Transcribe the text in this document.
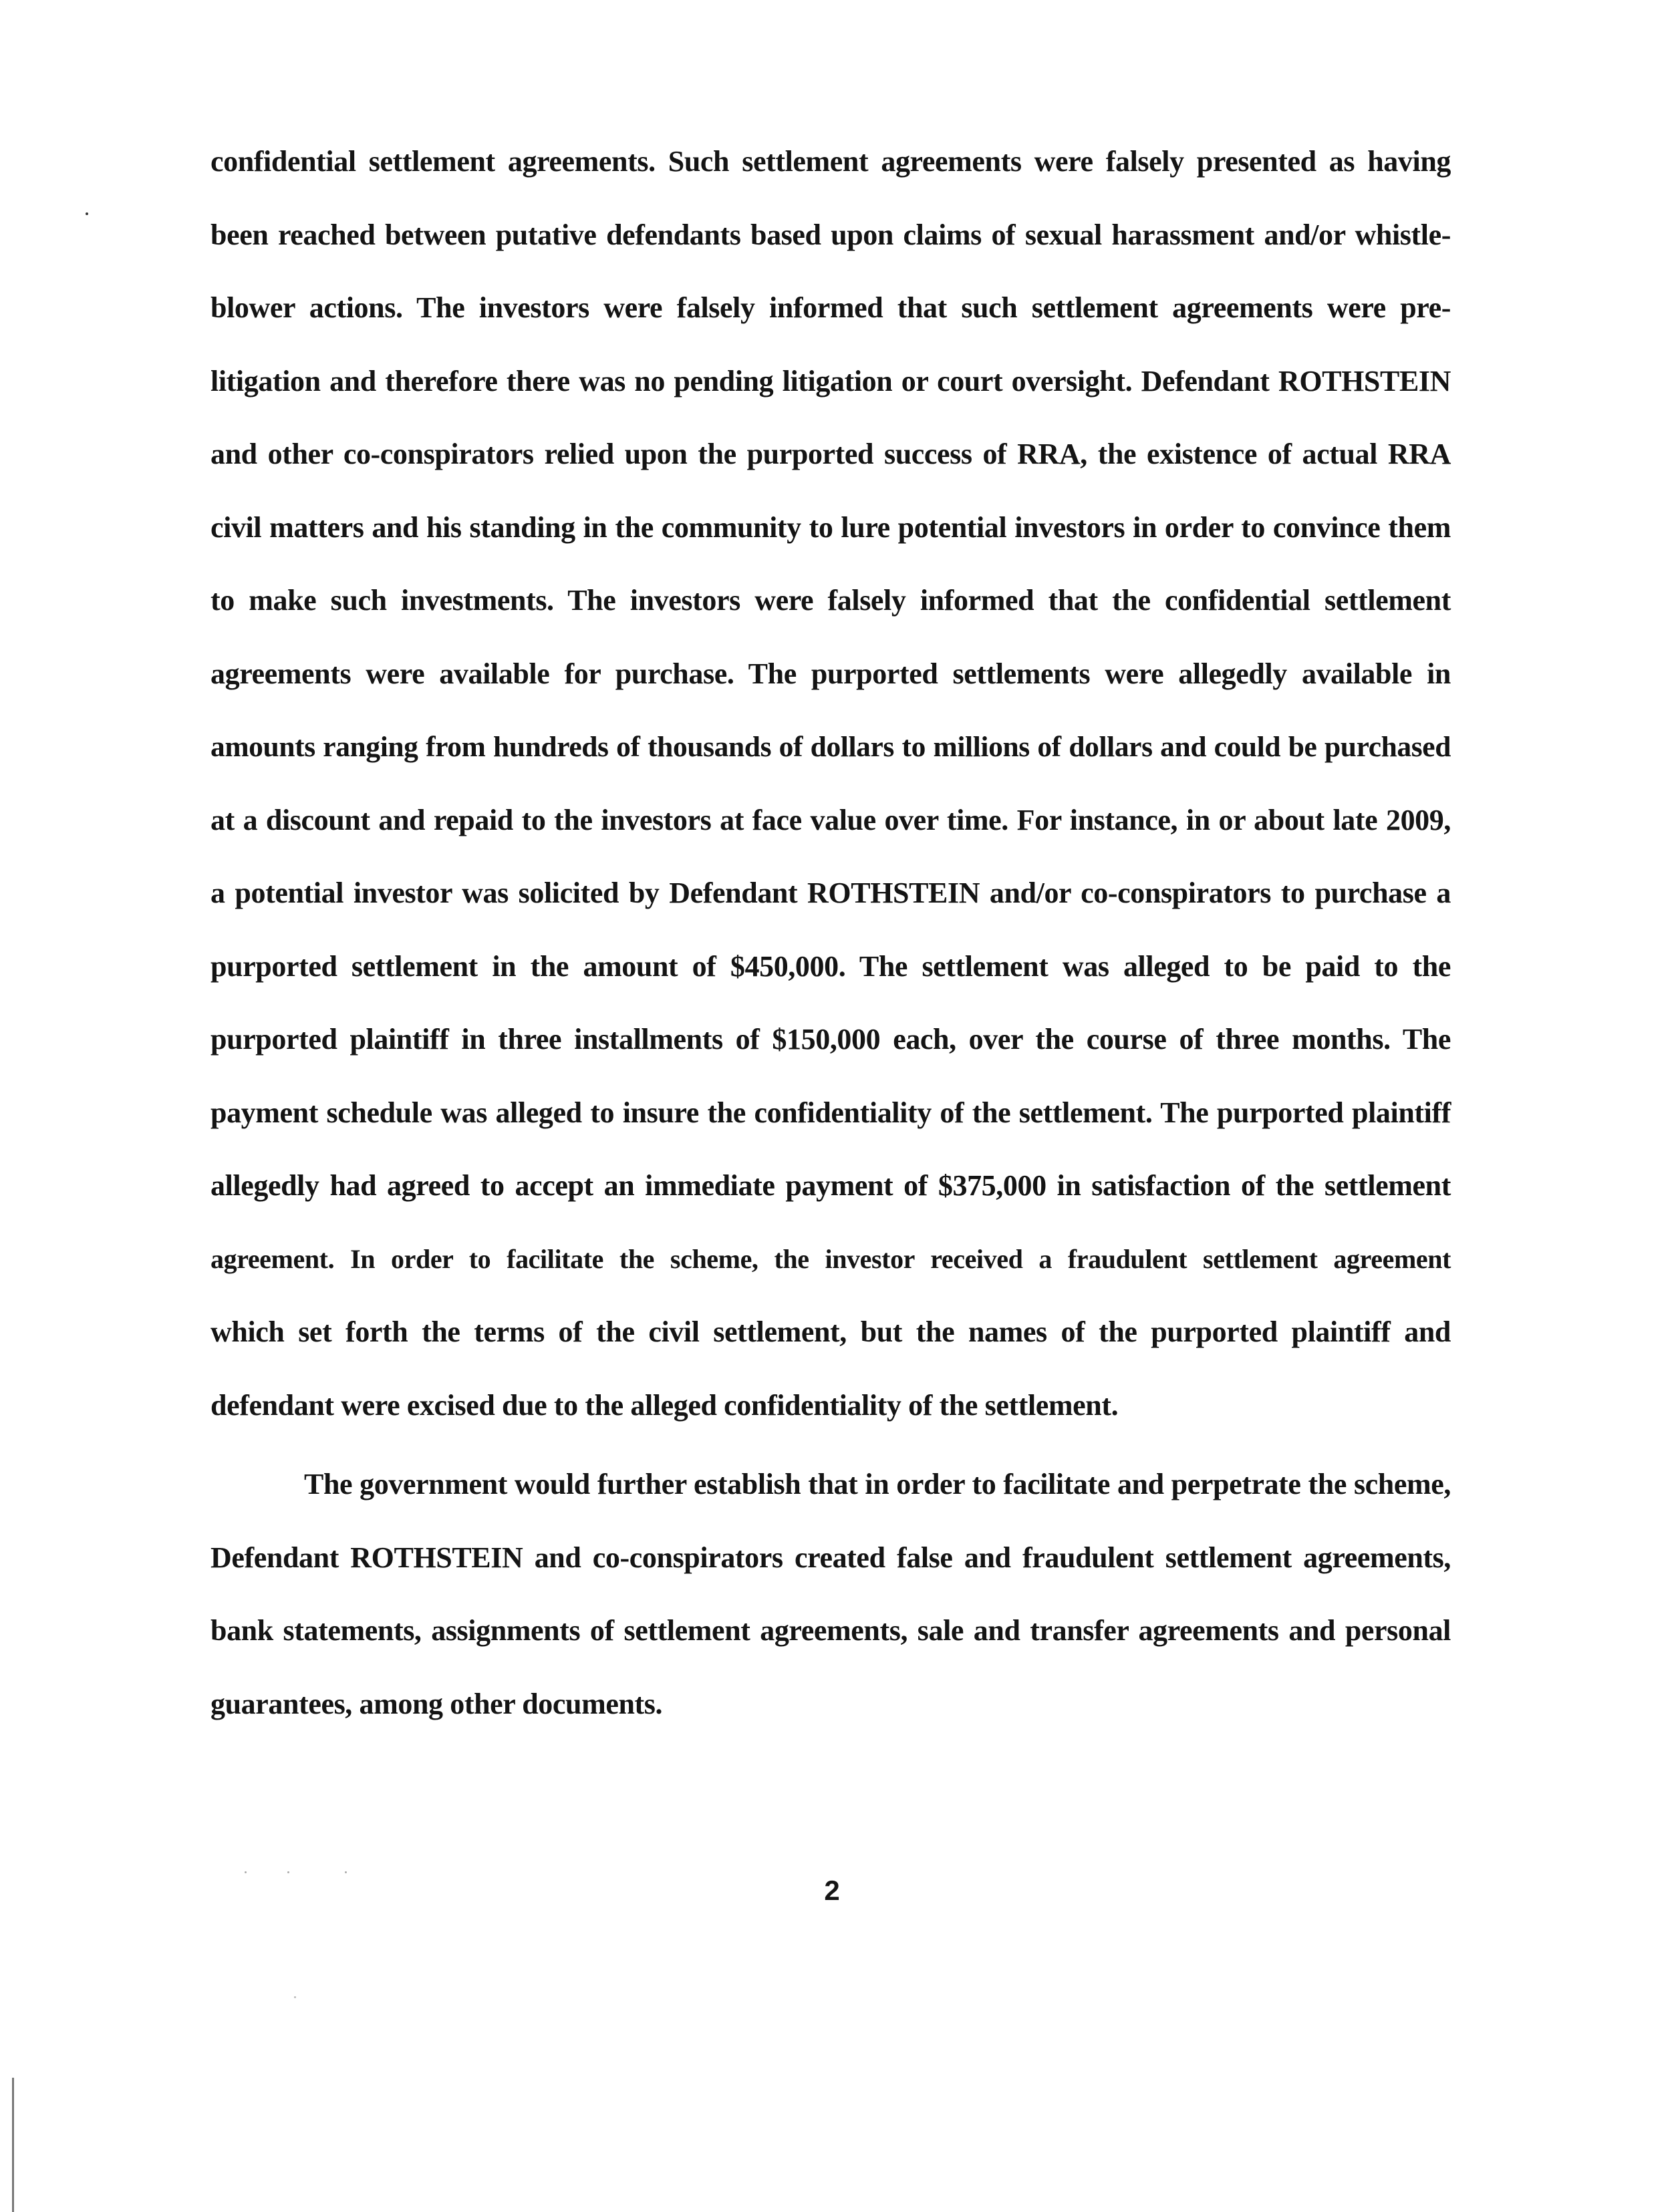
confidential settlement agreements. Such settlement agreements were falsely presented as having
been reached between putative defendants based upon claims of sexual harassment and/or whistle-
blower actions. The investors were falsely informed that such settlement agreements were pre-
litigation and therefore there was no pending litigation or court oversight. Defendant ROTHSTEIN
and other co-conspirators relied upon the purported success of RRA, the existence of actual RRA
civil matters and his standing in the community to lure potential investors in order to convince them
to make such investments. The investors were falsely informed that the confidential settlement
agreements were available for purchase. The purported settlements were allegedly available in
amounts ranging from hundreds of thousands of dollars to millions of dollars and could be purchased
at a discount and repaid to the investors at face value over time. For instance, in or about late 2009,
a potential investor was solicited by Defendant ROTHSTEIN and/or co-conspirators to purchase a
purported settlement in the amount of $450,000. The settlement was alleged to be paid to the
purported plaintiff in three installments of $150,000 each, over the course of three months. The
payment schedule was alleged to insure the confidentiality of the settlement. The purported plaintiff
allegedly had agreed to accept an immediate payment of $375,000 in satisfaction of the settlement
agreement. In order to facilitate the scheme, the investor received a fraudulent settlement agreement
which set forth the terms of the civil settlement, but the names of the purported plaintiff and
defendant were excised due to the alleged confidentiality of the settlement.
The government would further establish that in order to facilitate and perpetrate the scheme,
Defendant ROTHSTEIN and co-conspirators created false and fraudulent settlement agreements,
bank statements, assignments of settlement agreements, sale and transfer agreements and personal
guarantees, among other documents.
2
